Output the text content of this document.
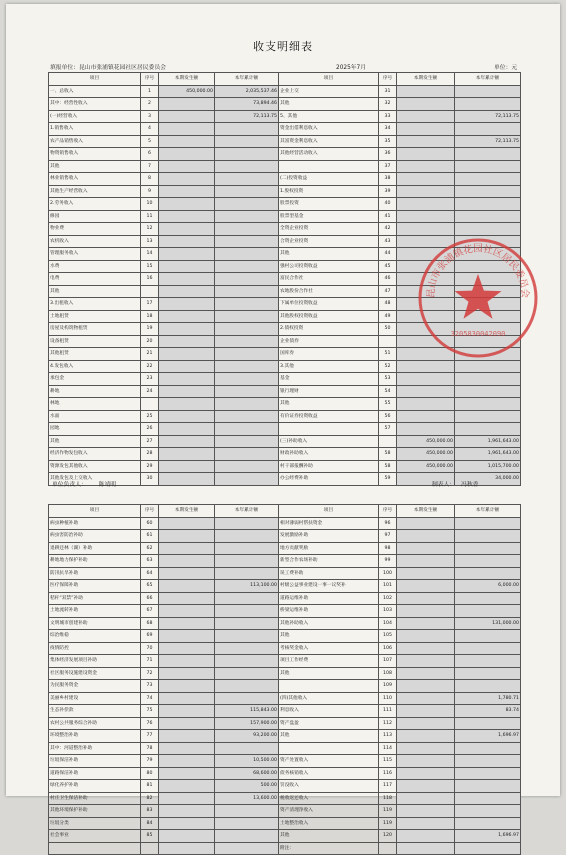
收支明细表
填报单位：昆山市张浦镇花园社区居民委员会	2025年7月	单位：元
项目	序号	本期发生额	本年累计额	项目	序号	本期发生额	本年累计额
一、总收入	1	450,000.00	2,035,537.46	企业上交	31		
其中：经营性收入	2		73,894.46	其他	32		
(一)经营收入	3		72,113.75	5、其他	33		72,113.75
1.销售收入	4			资金出借利息收入	34		
农产品销售收入	5			其富资金利息收入	35		72,113.75
物资销售收入	6			其他经营活动收入	36		
其他	7				37		
林业销售收入	8			(二)投资收益	38		
其他生产经营收入	9			1.股权投资	39		
2.劳务收入	10			股票投资	40		
修园	11			股票型基金	41		
物业费	12			全资企业投资	42		
农机收入	13			合资企业投资	43		
管理服务收入	14			其他	44		
水费	15			强村公司投资收益	45		
电费	16			富民合作社	46		
其他				农地股份合作社	47		
3.出租收入	17			下属单位投资收益	48		
土地租赁	18			其他股权投资收益	49		
房屋及构筑物租赁	19			2.债权投资	50		
设备租赁	20			企业债券			
其他租赁	21			国库券	51		
4.发包收入	22			3.其他	52		
承包金	23			基金	53		
耕地	24			银行理财	54		
林地				其他	55		
水面	25			有价证券投资收益	56		
园地	26				57		
其他	27			(三)补助收入		450,000.00	1,961,643.00
经济作物发包收入	28			财政补助收入	58	450,000.00	1,961,643.00
资源发包其他收入	29			村干部报酬补助	58	450,000.00	1,015,700.00
其他发包及上交收入	30			办公经费补助	59		34,000.00
单位负责人： 陈靖明	制表人： 冯秋香
项目	序号	本期发生额	本年累计额	项目	序号	本期发生额	本年累计额
病虫种植补助	60			相对薄弱村帮扶资金	96		
病虫害防治补助	61			发展激励补助	97		
退耕还林（湖）补助	62			地方贡献奖励	98		
耕地地力保护补助	63			新型合作农场补助	99		
防汛抗旱补助	64			误工费补助	100		
医疗保障补助	65		113,100.00	村级公益事业建设一事一议奖补	101		6,000.00
秸秆“双禁”补助	66			道路运维补助	102		
土地流转补助	67			桥梁运维补助	103		
文明城市创建补助	68			其他补助收入	104		131,000.00
综治维稳	69			其他	105		
疫情防控	70			考核奖金收入	106		
集体经济发展项目补助	71			项目工作经费	107		
社区服务设施建设资金	72			其他	108		
为民服务资金	73				109		
美丽乡村建设	74			(四)其他收入	110		1,780.71
生态补偿款	75		115,843.00	利息收入	111		83.74
农村公共服务综合补助	76		157,900.00	资产盘盈	112		
环境整治补助	77		93,200.00	其他	113		1,696.97
其中：河道整治补助	78				114		
垃圾保洁补助	79		10,500.00	资产处置收入	115		
道路保洁补助	80		68,600.00	债务核销收入	116		
绿化养护补助	81		500.00	罚没收入	117		
村庄卫生保洁补助	82		13,600.00	税收返还收入	118		
其他环境保护补助	83			资产清理净收入	119		
垃圾分类	84			土地整治收入	119		
社会事业	85			其他	120		1,696.97
				附注：			
昆山市张浦镇花园社区居民委员会
3205830042090
